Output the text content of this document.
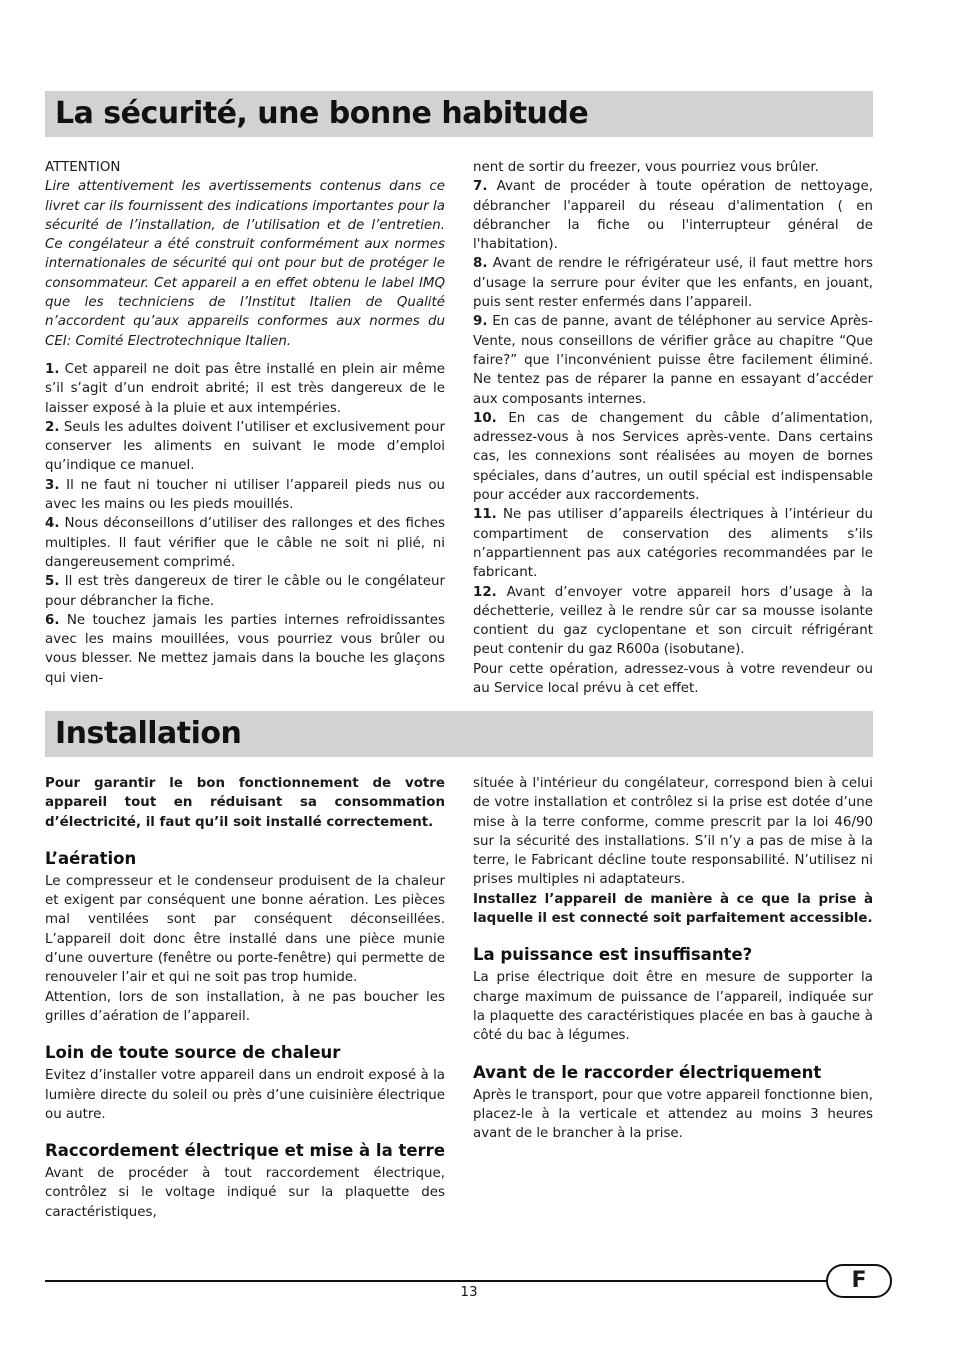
La sécurité, une bonne habitude

ATTENTION

Lire attentivement les avertissements contenus dans ce livret car ils fournissent des indications importantes pour la sécurité de l’installation, de l’utilisation et de l’entretien. Ce congélateur a été construit conformément aux normes internationales de sécurité qui ont pour but de protéger le consommateur. Cet appareil a en effet obtenu le label IMQ que les techniciens de l’Institut Italien de Qualité n’accordent qu’aux appareils conformes aux normes du CEI: Comité Electrotechnique Italien.

1. Cet appareil ne doit pas être installé en plein air même s’il s’agit d’un endroit abrité; il est très dangereux de le laisser exposé à la pluie et aux intempéries.

2. Seuls les adultes doivent l’utiliser et exclusivement pour conserver les aliments en suivant le mode d’emploi qu’indique ce manuel.

3. Il ne faut ni toucher ni utiliser l’appareil pieds nus ou avec les mains ou les pieds mouillés.

4. Nous déconseillons d’utiliser des rallonges et des fiches multiples. Il faut vérifier que le câble ne soit ni plié, ni dangereusement comprimé.

5. Il est très dangereux de tirer le câble ou le congélateur pour débrancher la fiche.

6. Ne touchez jamais les parties internes refroidissantes avec les mains mouillées, vous pourriez vous brûler ou vous blesser. Ne mettez jamais dans la bouche les glaçons qui vien-

nent de sortir du freezer, vous pourriez vous brûler.

7. Avant de procéder à toute opération de nettoyage, débrancher l'appareil du réseau d'alimentation ( en débrancher la fiche ou l'interrupteur général de l'habitation).

8. Avant de rendre le réfrigérateur usé, il faut mettre hors d’usage la serrure pour éviter que les enfants, en jouant, puis sent rester enfermés dans l’appareil.

9. En cas de panne, avant de téléphoner au service Après-Vente, nous conseillons de vérifier grâce au chapitre “Que faire?” que l’inconvénient puisse être facilement éliminé. Ne tentez pas de réparer la panne en essayant d’accéder aux composants internes.

10. En cas de changement du câble d’alimentation, adressez-vous à nos Services après-vente. Dans certains cas, les connexions sont réalisées au moyen de bornes spéciales, dans d’autres, un outil spécial est indispensable pour accéder aux raccordements.

11. Ne pas utiliser d’appareils électriques à l’intérieur du compartiment de conservation des aliments s’ils n’appartiennent pas aux catégories recommandées par le fabricant.

12. Avant d’envoyer votre appareil hors d’usage à la déchetterie, veillez à le rendre sûr car sa mousse isolante contient du gaz cyclopentane et son circuit réfrigérant peut contenir du gaz R600a (isobutane).

Pour cette opération, adressez-vous à votre revendeur ou au Service local prévu à cet effet.

Installation

Pour garantir le bon fonctionnement de votre appareil tout en réduisant sa consommation d’électricité, il faut qu’il soit installé correctement.

L’aération

Le compresseur et le condenseur produisent de la chaleur et exigent par conséquent une bonne aération. Les pièces mal ventilées sont par conséquent déconseillées. L’appareil doit donc être installé dans une pièce munie d’une ouverture (fenêtre ou porte-fenêtre) qui permette de renouveler l’air et qui ne soit pas trop humide.

Attention, lors de son installation, à ne pas boucher les grilles d’aération de l’appareil.

Loin de toute source de chaleur

Evitez d’installer votre appareil dans un endroit exposé à la lumière directe du soleil ou près d’une cuisinière électrique ou autre.

Raccordement électrique et mise à la terre

Avant de procéder à tout raccordement électrique, contrôlez si le voltage indiqué sur la plaquette des caractéristiques,

située à l'intérieur du congélateur, correspond bien à celui de votre installation et contrôlez si la prise est dotée d’une mise à la terre conforme, comme prescrit par la loi 46/90 sur la sécurité des installations. S’il n’y a pas de mise à la terre, le Fabricant décline toute responsabilité. N’utilisez ni prises multiples ni adaptateurs.

Installez l’appareil de manière à ce que la prise à laquelle il est connecté soit parfaitement accessible.

La puissance est insuffisante?

La prise électrique doit être en mesure de supporter la charge maximum de puissance de l’appareil, indiquée sur la plaquette des caractéristiques placée en bas à gauche à côté du bac à légumes.

Avant de le raccorder électriquement

Après le transport, pour que votre appareil fonctionne bien, placez-le à la verticale et attendez au moins 3 heures avant de le brancher à la prise.

13	F
